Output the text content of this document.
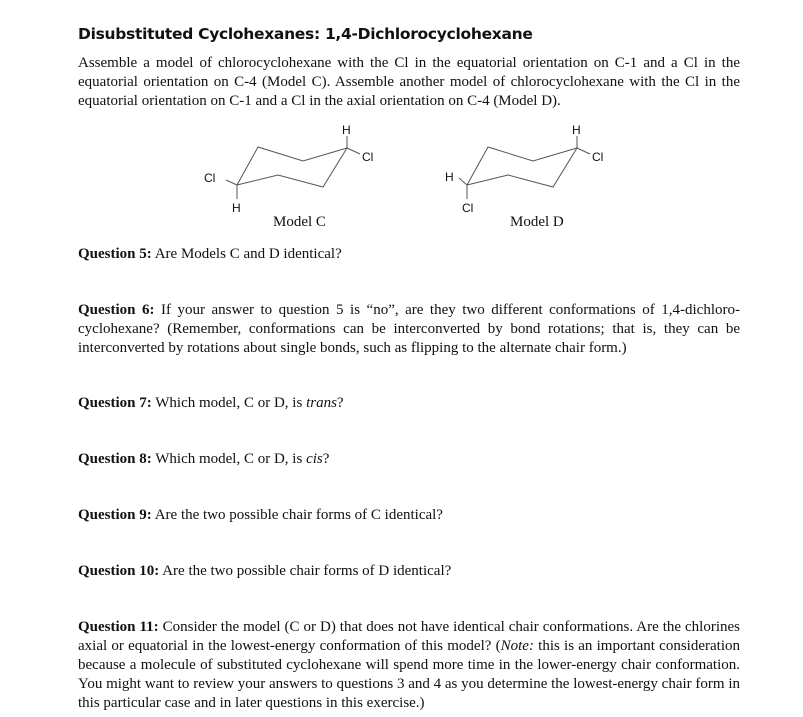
Disubstituted Cyclohexanes: 1,4-Dichlorocyclohexane
Assemble a model of chlorocyclohexane with the Cl in the equatorial orientation on C-1 and a Cl in the equatorial orientation on C-4 (Model C). Assemble another model of chlorocyclohexane with the Cl in the equatorial orientation on C-1 and a Cl in the axial orientation on C-4 (Model D).
H
Cl
Cl
H
Model C
H
Cl
H
Cl
Model D
Question 5: Are Models C and D identical?
Question 6: If your answer to question 5 is “no”, are they two different conformations of 1,4-dichloro-cyclohexane? (Remember, conformations can be interconverted by bond rotations; that is, they can be interconverted by rotations about single bonds, such as flipping to the alternate chair form.)
Question 7: Which model, C or D, is trans?
Question 8: Which model, C or D, is cis?
Question 9: Are the two possible chair forms of C identical?
Question 10: Are the two possible chair forms of D identical?
Question 11: Consider the model (C or D) that does not have identical chair conformations. Are the chlorines axial or equatorial in the lowest-energy conformation of this model? (Note: this is an important consideration because a molecule of substituted cyclohexane will spend more time in the lower-energy chair conformation. You might want to review your answers to questions 3 and 4 as you determine the lowest-energy chair form in this particular case and in later questions in this exercise.)
